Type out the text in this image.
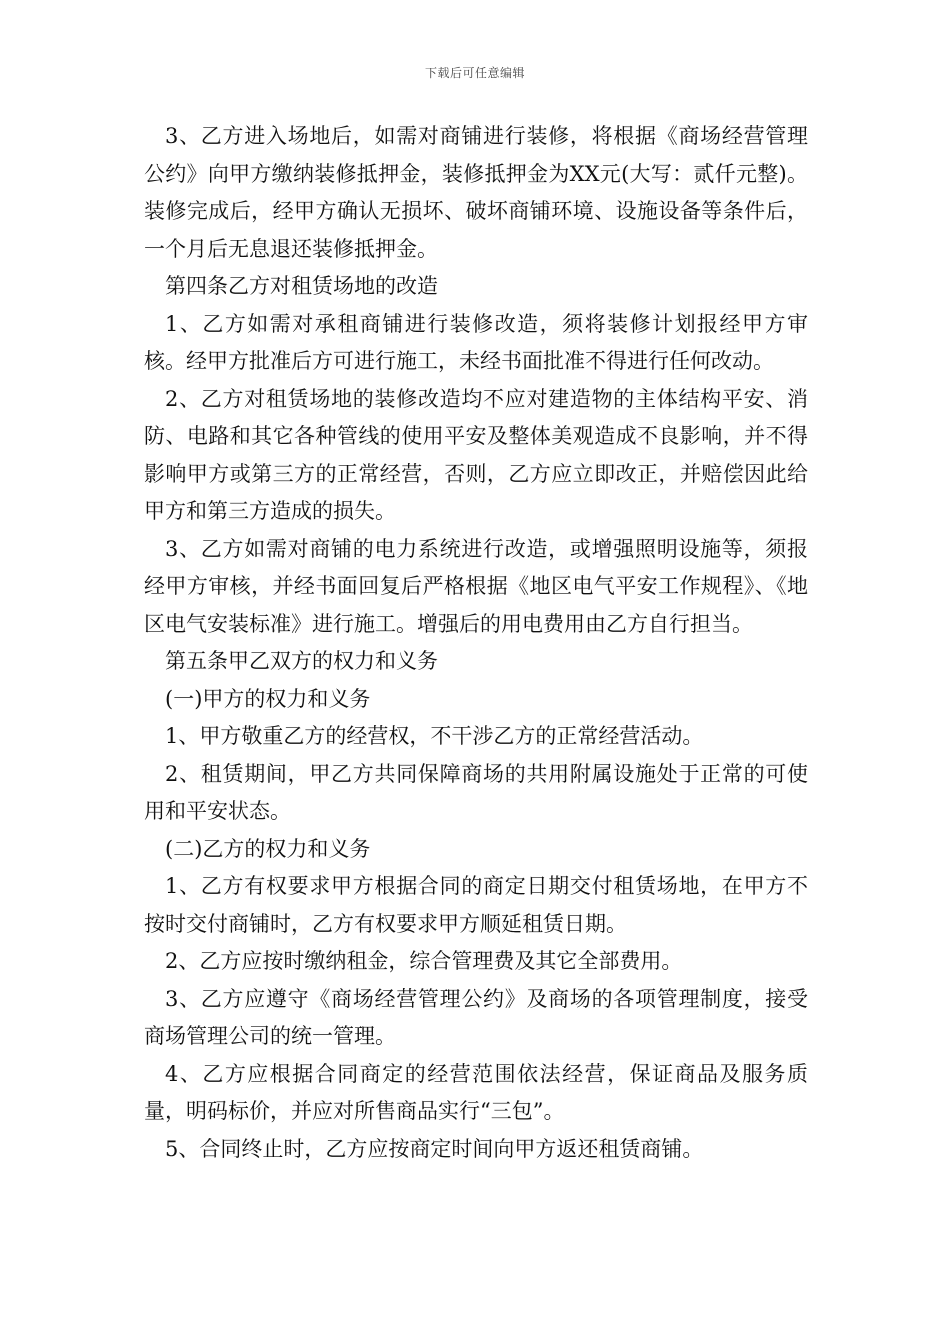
下载后可任意编辑

3、乙方进入场地后，如需对商铺进行装修，将根据《商场经营管理公约》向甲方缴纳装修抵押金，装修抵押金为XX元(大写：贰仟元整)。装修完成后，经甲方确认无损坏、破坏商铺环境、设施设备等条件后，一个月后无息退还装修抵押金。

第四条乙方对租赁场地的改造

1、乙方如需对承租商铺进行装修改造，须将装修计划报经甲方审核。经甲方批准后方可进行施工，未经书面批准不得进行任何改动。

2、乙方对租赁场地的装修改造均不应对建造物的主体结构平安、消防、电路和其它各种管线的使用平安及整体美观造成不良影响，并不得影响甲方或第三方的正常经营，否则，乙方应立即改正，并赔偿因此给甲方和第三方造成的损失。

3、乙方如需对商铺的电力系统进行改造，或增强照明设施等，须报经甲方审核，并经书面回复后严格根据《地区电气平安工作规程》、《地区电气安装标准》进行施工。增强后的用电费用由乙方自行担当。

第五条甲乙双方的权力和义务

(一)甲方的权力和义务

1、甲方敬重乙方的经营权，不干涉乙方的正常经营活动。

2、租赁期间，甲乙方共同保障商场的共用附属设施处于正常的可使用和平安状态。

(二)乙方的权力和义务

1、乙方有权要求甲方根据合同的商定日期交付租赁场地，在甲方不按时交付商铺时，乙方有权要求甲方顺延租赁日期。

2、乙方应按时缴纳租金，综合管理费及其它全部费用。

3、乙方应遵守《商场经营管理公约》及商场的各项管理制度，接受商场管理公司的统一管理。

4、乙方应根据合同商定的经营范围依法经营，保证商品及服务质量，明码标价，并应对所售商品实行“三包”。

5、合同终止时，乙方应按商定时间向甲方返还租赁商铺。
